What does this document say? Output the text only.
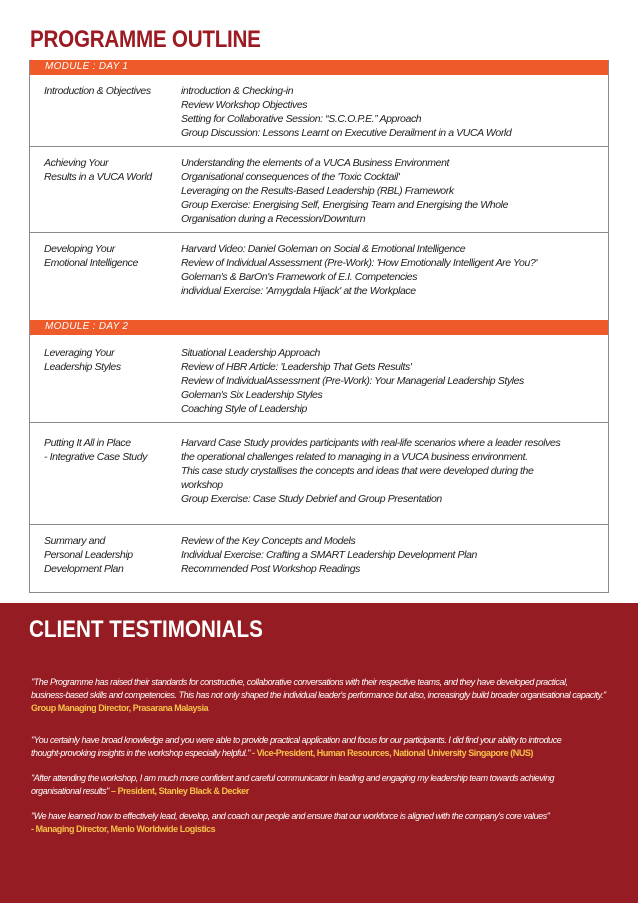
PROGRAMME OUTLINE
MODULE : DAY 1
Introduction & Objectives	introduction & Checking-in
Review Workshop Objectives
Setting for Collaborative Session: “S.C.O.P.E.” Approach
Group Discussion: Lessons Learnt on Executive Derailment in a VUCA World
Achieving Your
Results in a VUCA World
Understanding the elements of a VUCA Business Environment
Organisational consequences of the 'Toxic Cocktail'
Leveraging on the Results-Based Leadership (RBL) Framework
Group Exercise: Energising Self, Energising Team and Energising the Whole
Organisation during a Recession/Downturn
Developing Your
Emotional Intelligence
Harvard Video: Daniel Goleman on Social & Emotional Intelligence
Review of Individual Assessment (Pre-Work): 'How Emotionally Intelligent Are You?'
Goleman's & BarOn's Framework of E.I. Competencies
individual Exercise: 'Amygdala Hijack' at the Workplace
MODULE : DAY 2
Leveraging Your
Leadership Styles
Situational Leadership Approach
Review of HBR Article: 'Leadership That Gets Results'
Review of IndividualAssessment (Pre-Work): Your Managerial Leadership Styles
Goleman's Six Leadership Styles
Coaching Style of Leadership
Putting It All in Place
- Integrative Case Study
Harvard Case Study provides participants with real-life scenarios where a leader resolves
the operational challenges related to managing in a VUCA business environment.
This case study crystallises the concepts and ideas that were developed during the
workshop
Group Exercise: Case Study Debrief and Group Presentation
Summary and
Personal Leadership
Development Plan
Review of the Key Concepts and Models
Individual Exercise: Crafting a SMART Leadership Development Plan
Recommended Post Workshop Readings
CLIENT TESTIMONIALS
"The Programme has raised their standards for constructive, collaborative conversations with their respective teams, and they have developed practical,
business-based skills and competencies. This has not only shaped the individual leader's performance but also, increasingly build broader organisational capacity."
Group Managing Director, Prasarana Malaysia
"You certainly have broad knowledge and you were able to provide practical application and focus for our participants. I did find your ability to introduce
thought-provoking insights in the workshop especially helpful." - Vice-President, Human Resources, National University Singapore (NUS)
"After attending the workshop, I am much more confident and careful communicator in leading and engaging my leadership team towards achieving
organisational results" – President, Stanley Black & Decker
"We have learned how to effectively lead, develop, and coach our people and ensure that our workforce is aligned with the company's core values"
- Managing Director, Menlo Worldwide Logistics
